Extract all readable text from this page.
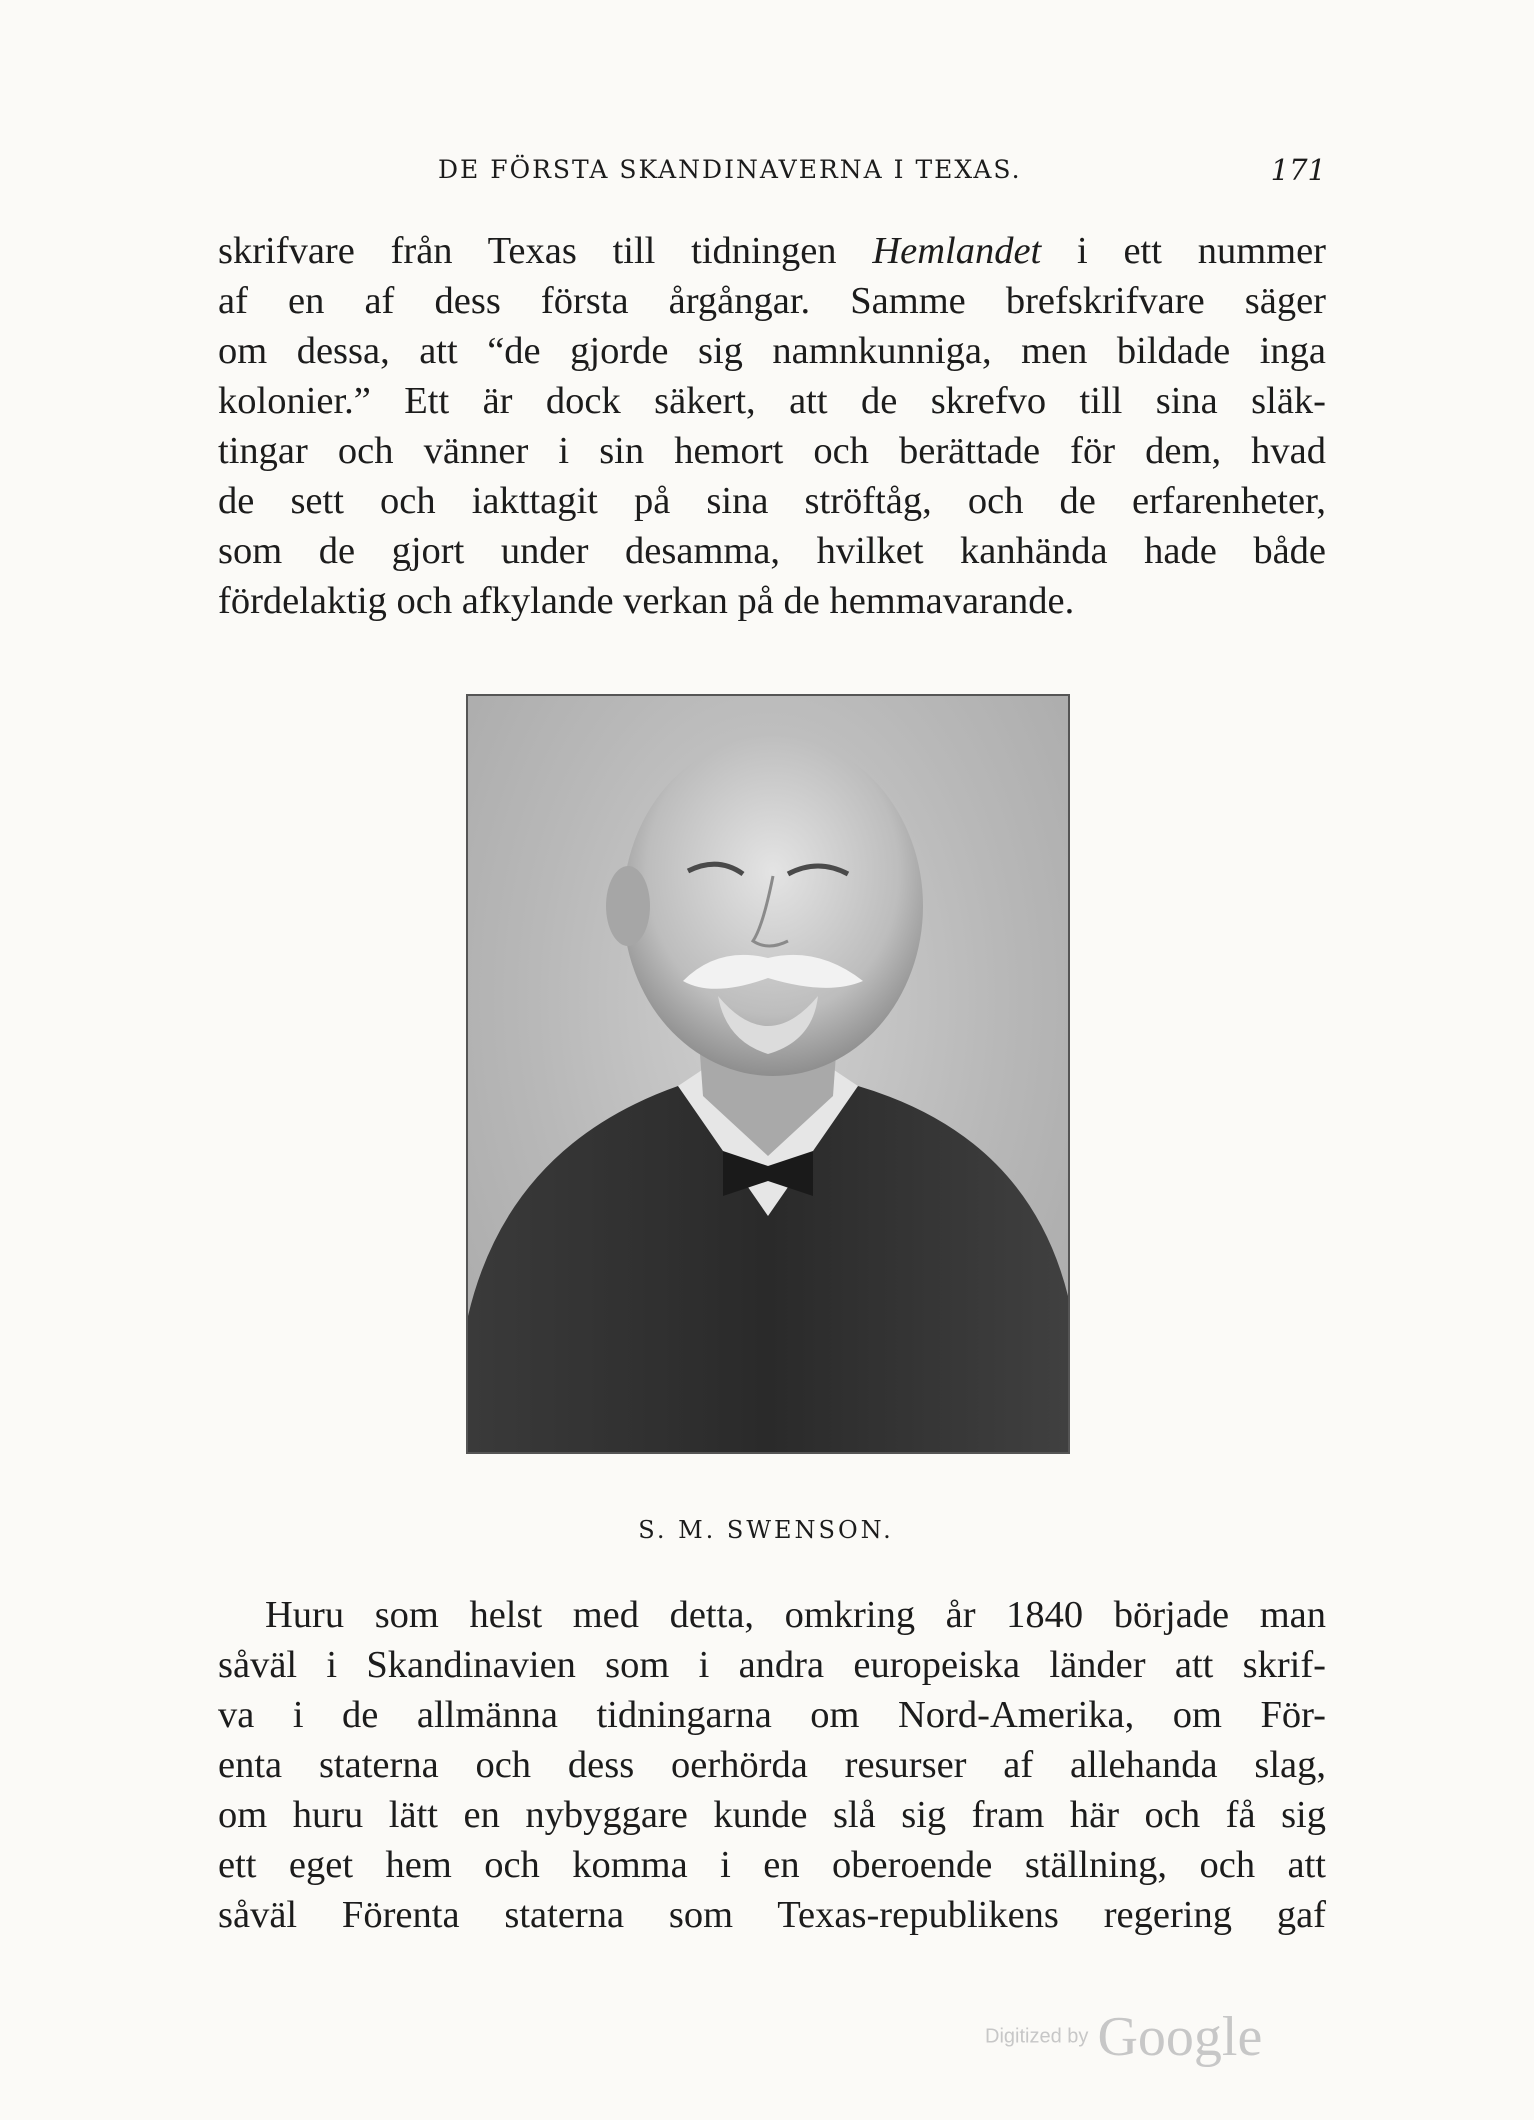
DE FÖRSTA SKANDINAVERNA I TEXAS.	171
skrifvare från Texas till tidningen Hemlandet i ett nummer
af en af dess första årgångar. Samme brefskrifvare säger
om dessa, att “de gjorde sig namnkunniga, men bildade inga
kolonier.” Ett är dock säkert, att de skrefvo till sina släk-
tingar och vänner i sin hemort och berättade för dem, hvad
de sett och iakttagit på sina ströftåg, och de erfarenheter,
som de gjort under desamma, hvilket kanhända hade både
fördelaktig och afkylande verkan på de hemmavarande.
S. M. SWENSON.
Huru som helst med detta, omkring år 1840 började man
såväl i Skandinavien som i andra europeiska länder att skrif-
va i de allmänna tidningarna om Nord-Amerika, om För-
enta staterna och dess oerhörda resurser af allehanda slag,
om huru lätt en nybyggare kunde slå sig fram här och få sig
ett eget hem och komma i en oberoende ställning, och att
såväl Förenta staterna som Texas-republikens regering gaf
Digitized by Google
